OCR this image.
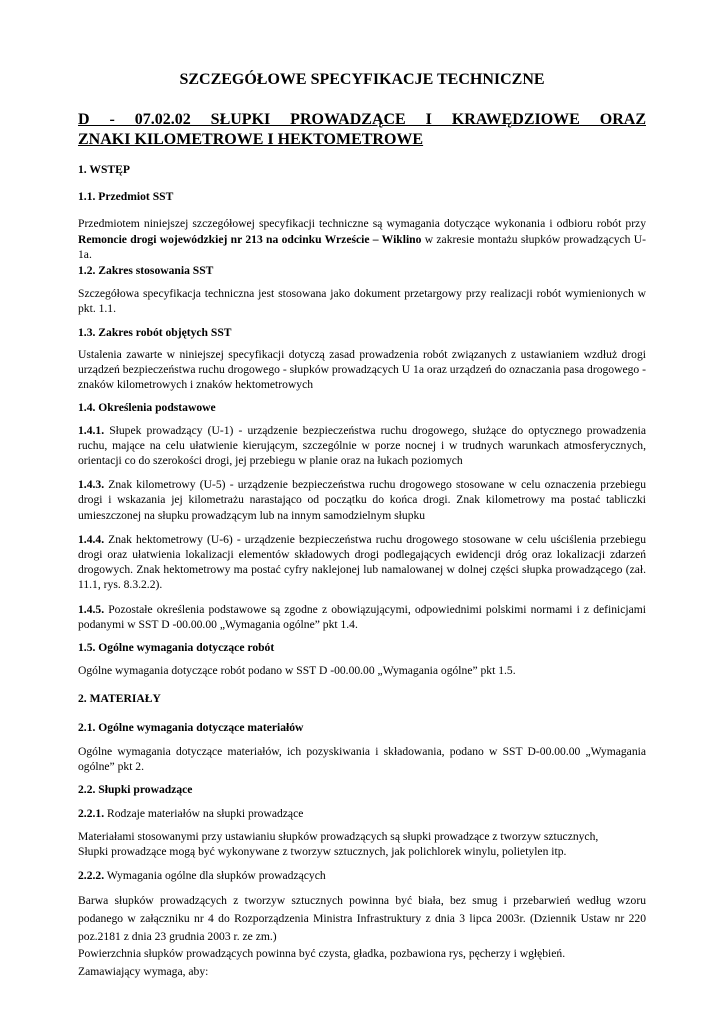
SZCZEGÓŁOWE SPECYFIKACJE TECHNICZNE

D - 07.02.02 SŁUPKI PROWADZĄCE I KRAWĘDZIOWE ORAZ

ZNAKI KILOMETROWE I HEKTOMETROWE

1. WSTĘP

1.1. Przedmiot SST

Przedmiotem niniejszej szczegółowej specyfikacji techniczne są wymagania dotyczące wykonania i odbioru robót przy Remoncie drogi wojewódzkiej nr 213 na odcinku Wrzeście – Wiklino w zakresie montażu słupków prowadzących U-1a.

1.2. Zakres stosowania SST

Szczegółowa specyfikacja techniczna jest stosowana jako dokument przetargowy przy realizacji robót wymienionych w pkt. 1.1.

1.3. Zakres robót objętych SST

Ustalenia zawarte w niniejszej specyfikacji dotyczą zasad prowadzenia robót związanych z ustawianiem wzdłuż drogi urządzeń bezpieczeństwa ruchu drogowego - słupków prowadzących U 1a oraz urządzeń do oznaczania pasa drogowego - znaków kilometrowych i znaków hektometrowych

1.4. Określenia podstawowe

1.4.1. Słupek prowadzący (U-1) - urządzenie bezpieczeństwa ruchu drogowego, służące do optycznego prowadzenia ruchu, mające na celu ułatwienie kierującym, szczególnie w porze nocnej i w trudnych warunkach atmosferycznych, orientacji co do szerokości drogi, jej przebiegu w planie oraz na łukach poziomych

1.4.3. Znak kilometrowy (U-5) - urządzenie bezpieczeństwa ruchu drogowego stosowane w celu oznaczenia przebiegu drogi i wskazania jej kilometrażu narastająco od początku do końca drogi. Znak kilometrowy ma postać tabliczki umieszczonej na słupku prowadzącym lub na innym samodzielnym słupku

1.4.4. Znak hektometrowy (U-6) - urządzenie bezpieczeństwa ruchu drogowego stosowane w celu uściślenia przebiegu drogi oraz ułatwienia lokalizacji elementów składowych drogi podlegających ewidencji dróg oraz lokalizacji zdarzeń drogowych. Znak hektometrowy ma postać cyfry naklejonej lub namalowanej w dolnej części słupka prowadzącego (zał. 11.1, rys. 8.3.2.2).

1.4.5. Pozostałe określenia podstawowe są zgodne z obowiązującymi, odpowiednimi polskimi normami i z definicjami podanymi w SST D -00.00.00 „Wymagania ogólne” pkt 1.4.

1.5. Ogólne wymagania dotyczące robót

Ogólne wymagania dotyczące robót podano w SST D -00.00.00 „Wymagania ogólne” pkt 1.5.

2. MATERIAŁY

2.1. Ogólne wymagania dotyczące materiałów

Ogólne wymagania dotyczące materiałów, ich pozyskiwania i składowania, podano w SST D-00.00.00 „Wymagania ogólne” pkt 2.

2.2. Słupki prowadzące

2.2.1. Rodzaje materiałów na słupki prowadzące

Materiałami stosowanymi przy ustawianiu słupków prowadzących są słupki prowadzące z tworzyw sztucznych,

Słupki prowadzące mogą być wykonywane z tworzyw sztucznych, jak polichlorek winylu, polietylen itp.

2.2.2. Wymagania ogólne dla słupków prowadzących

Barwa słupków prowadzących z tworzyw sztucznych powinna być biała, bez smug i przebarwień według wzoru podanego w załączniku nr 4 do Rozporządzenia Ministra Infrastruktury z dnia 3 lipca 2003r. (Dziennik Ustaw nr 220 poz.2181 z dnia 23 grudnia 2003 r. ze zm.)

Powierzchnia słupków prowadzących powinna być czysta, gładka, pozbawiona rys, pęcherzy i wgłębień.

Zamawiający wymaga, aby:
